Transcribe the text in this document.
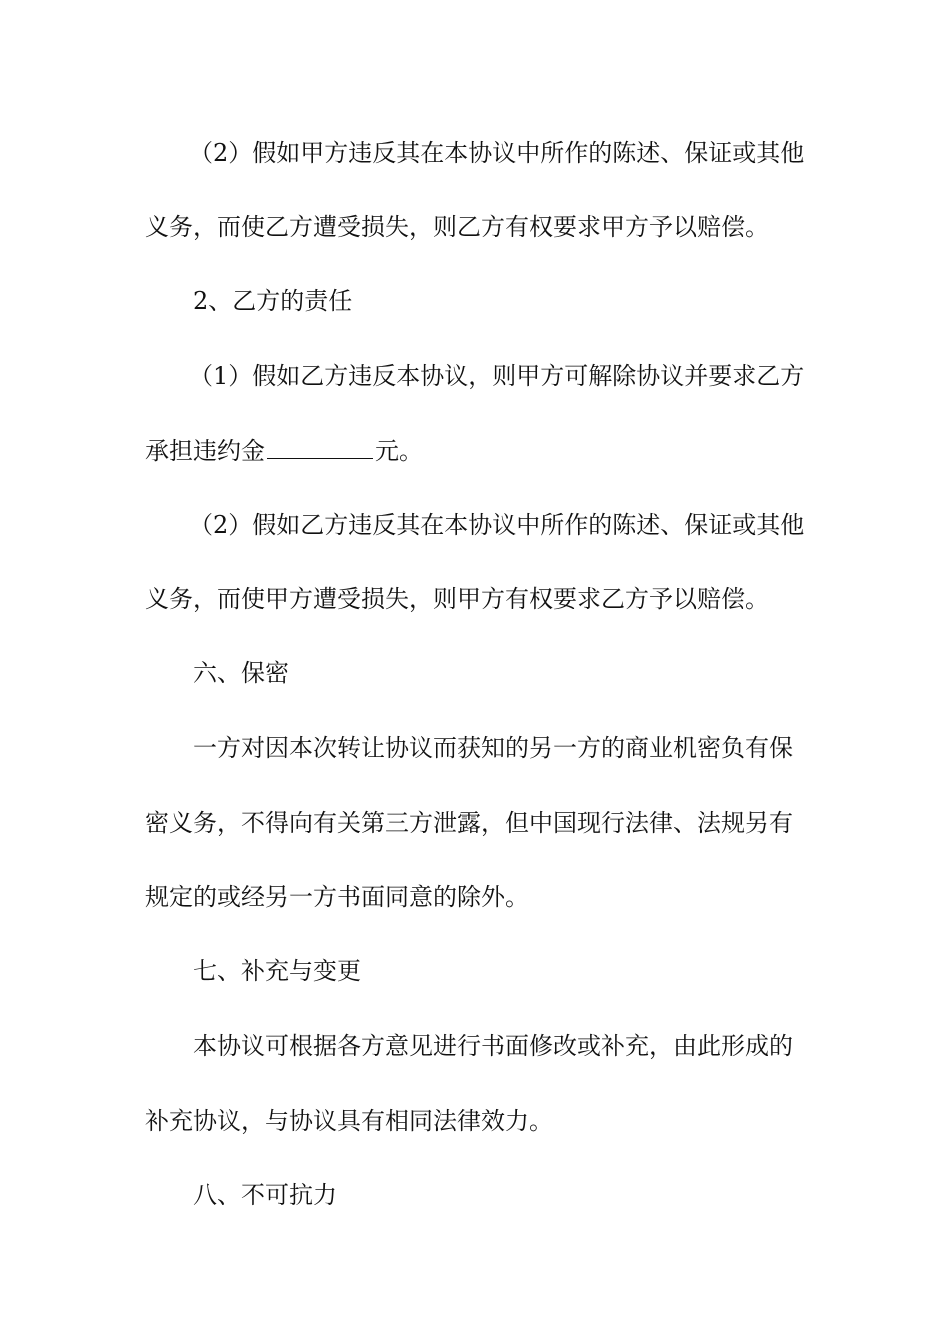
（2）假如甲方违反其在本协议中所作的陈述、保证或其他
义务，而使乙方遭受损失，则乙方有权要求甲方予以赔偿。
2、乙方的责任
（1）假如乙方违反本协议，则甲方可解除协议并要求乙方
承担违约金	元。
（2）假如乙方违反其在本协议中所作的陈述、保证或其他
义务，而使甲方遭受损失，则甲方有权要求乙方予以赔偿。
六、保密
一方对因本次转让协议而获知的另一方的商业机密负有保
密义务，不得向有关第三方泄露，但中国现行法律、法规另有
规定的或经另一方书面同意的除外。
七、补充与变更
本协议可根据各方意见进行书面修改或补充，由此形成的
补充协议，与协议具有相同法律效力。
八、不可抗力
